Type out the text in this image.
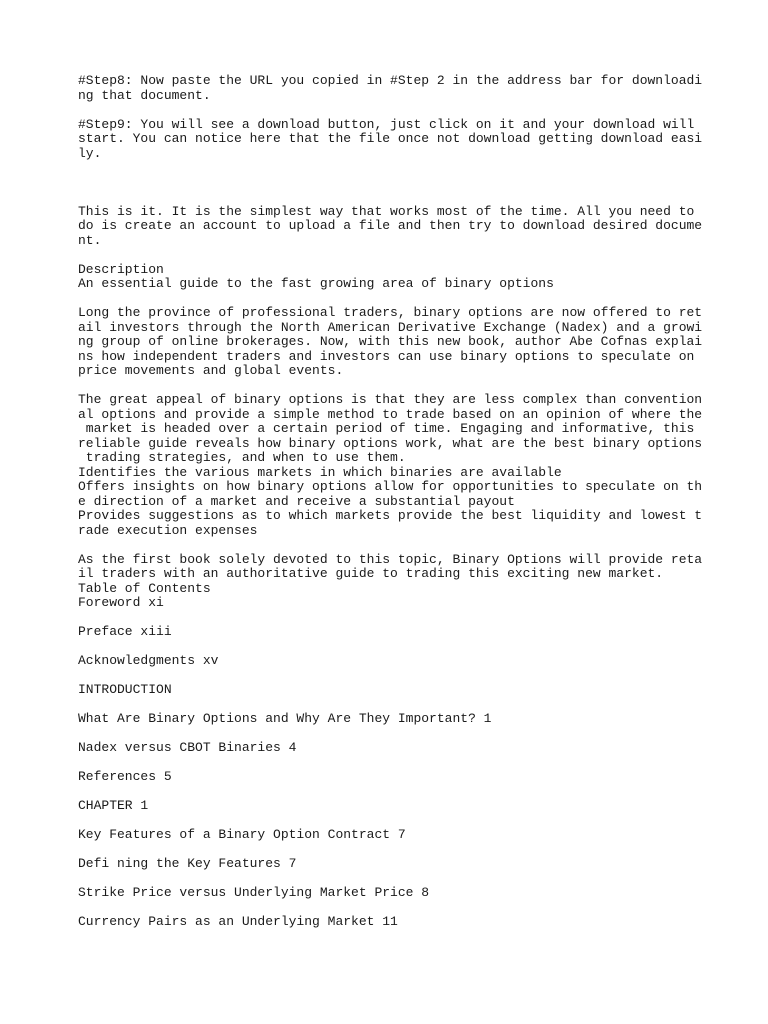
#Step8: Now paste the URL you copied in #Step 2 in the address bar for downloadi
ng that document.
#Step9: You will see a download button, just click on it and your download will
start. You can notice here that the file once not download getting download easi
ly.
This is it. It is the simplest way that works most of the time. All you need to
do is create an account to upload a file and then try to download desired docume
nt.
Description
An essential guide to the fast growing area of binary options
Long the province of professional traders, binary options are now offered to ret
ail investors through the North American Derivative Exchange (Nadex) and a growi
ng group of online brokerages. Now, with this new book, author Abe Cofnas explai
ns how independent traders and investors can use binary options to speculate on
price movements and global events.
The great appeal of binary options is that they are less complex than convention
al options and provide a simple method to trade based on an opinion of where the
market is headed over a certain period of time. Engaging and informative, this
reliable guide reveals how binary options work, what are the best binary options
trading strategies, and when to use them.
Identifies the various markets in which binaries are available
Offers insights on how binary options allow for opportunities to speculate on th
e direction of a market and receive a substantial payout
Provides suggestions as to which markets provide the best liquidity and lowest t
rade execution expenses
As the first book solely devoted to this topic, Binary Options will provide reta
il traders with an authoritative guide to trading this exciting new market.
Table of Contents
Foreword xi
Preface xiii
Acknowledgments xv
INTRODUCTION
What Are Binary Options and Why Are They Important? 1
Nadex versus CBOT Binaries 4
References 5
CHAPTER 1
Key Features of a Binary Option Contract 7
Defi ning the Key Features 7
Strike Price versus Underlying Market Price 8
Currency Pairs as an Underlying Market 11
